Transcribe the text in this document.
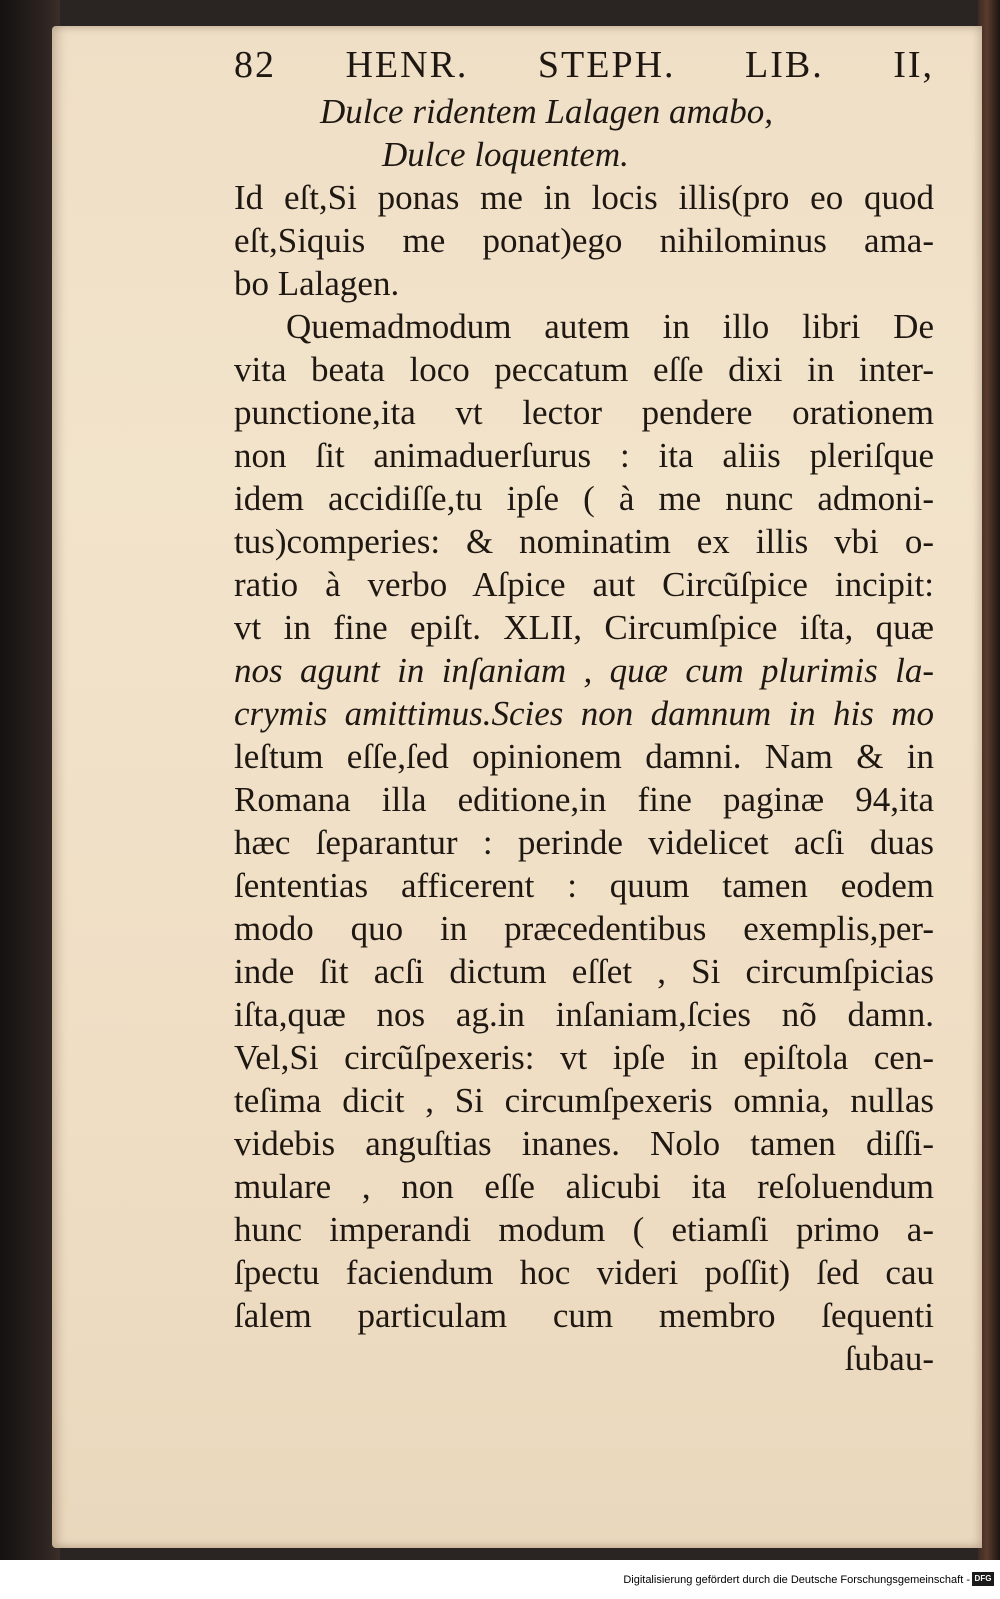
82 HENR. STEPH. LIB. II,
Dulce ridentem Lalagen amabo,
Dulce loquentem.
Id eſt,Si ponas me in locis illis(pro eo quod
eſt,Siquis me ponat)ego nihilominus ama-
bo Lalagen.
Quemadmodum autem in illo libri De
vita beata loco peccatum eſſe dixi in inter-
punctione,ita vt lector pendere orationem
non ſit animaduerſurus : ita aliis pleriſque
idem accidiſſe,tu ipſe ( à me nunc admoni-
tus)comperies: & nominatim ex illis vbi o-
ratio à verbo Aſpice aut Circũſpice incipit:
vt in fine epiſt. XLII, Circumſpice iſta, quæ
nos agunt in inſaniam , quæ cum plurimis la-
crymis amittimus.Scies non damnum in his mo
leſtum eſſe,ſed opinionem damni. Nam & in
Romana illa editione,in fine paginæ 94,ita
hæc ſeparantur : perinde videlicet acſi duas
ſententias afficerent : quum tamen eodem
modo quo in præcedentibus exemplis,per-
inde ſit acſi dictum eſſet , Si circumſpicias
iſta,quæ nos ag.in inſaniam,ſcies nõ damn.
Vel,Si circũſpexeris: vt ipſe in epiſtola cen-
teſima dicit , Si circumſpexeris omnia, nullas
videbis anguſtias inanes. Nolo tamen diſſi-
mulare , non eſſe alicubi ita reſoluendum
hunc imperandi modum ( etiamſi primo a-
ſpectu faciendum hoc videri poſſit) ſed cau
ſalem particulam cum membro ſequenti
ſubau-
Digitalisierung gefördert durch die Deutsche Forschungsgemeinschaft - DFG
